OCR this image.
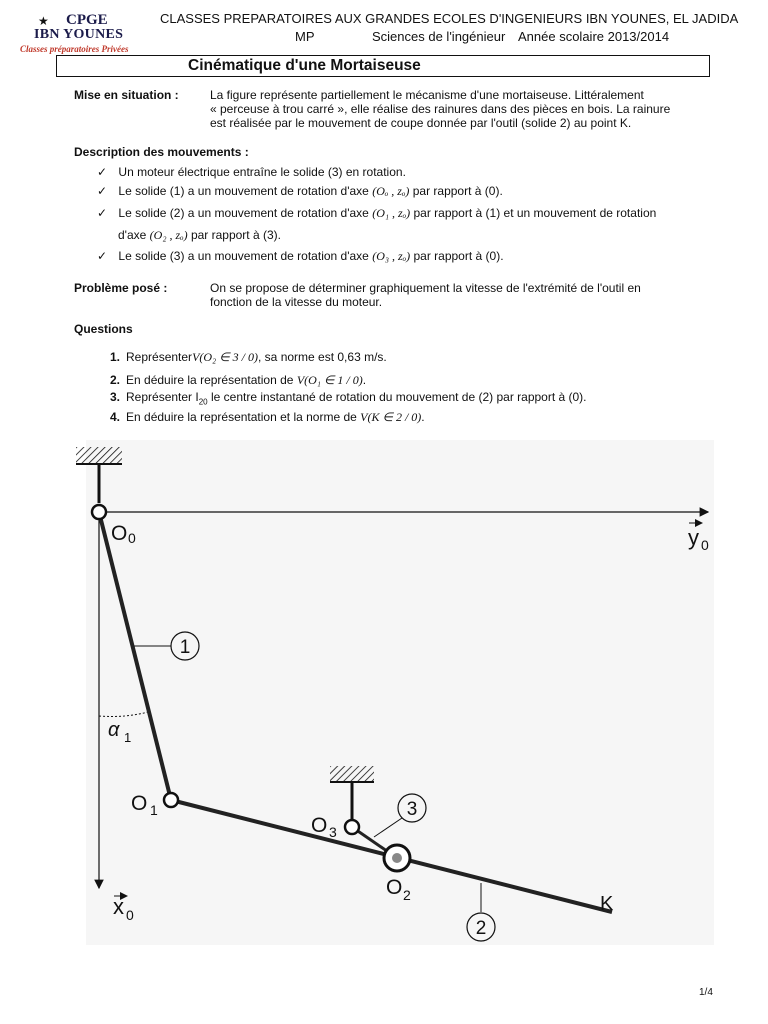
★ CPGE
IBN YOUNES
Classes préparatoires Privées
CLASSES PREPARATOIRES AUX GRANDES ECOLES D'INGENIEURS IBN YOUNES, EL JADIDA
MP	Sciences de l'ingénieur Année scolaire 2013/2014
Cinématique d'une Mortaiseuse
Mise en situation :	La figure représente partiellement le mécanisme d'une mortaiseuse. Littéralement
« perceuse à trou carré », elle réalise des rainures dans des pièces en bois. La rainure
est réalisée par le mouvement de coupe donnée par l'outil (solide 2) au point K.
Description des mouvements :
✓ Un moteur électrique entraîne le solide (3) en rotation.
✓ Le solide (1) a un mouvement de rotation d'axe (Oₒ , zₒ) par rapport à (0).
✓ Le solide (2) a un mouvement de rotation d'axe (O₁ , zₒ) par rapport à (1) et un mouvement de rotation
d'axe (O₂ , zₒ) par rapport à (3).
✓ Le solide (3) a un mouvement de rotation d'axe (O₃ , zₒ) par rapport à (0).
Problème posé :	On se propose de déterminer graphiquement la vitesse de l'extrémité de l'outil en
fonction de la vitesse du moteur.
Questions
1. ReprésenterV(O₂ ∈ 3 / 0), sa norme est 0,63 m/s.
2. En déduire la représentation de V(O₁ ∈ 1 / 0).
3. Représenter $I_{20}$ le centre instantané de rotation du mouvement de (2) par rapport à (0).
4. En déduire la représentation et la norme de V(K ∈ 2 / 0).
1
3
2
O 0	y 0
x 0
α 1
O 1
O 3
O 2	K
1/4
